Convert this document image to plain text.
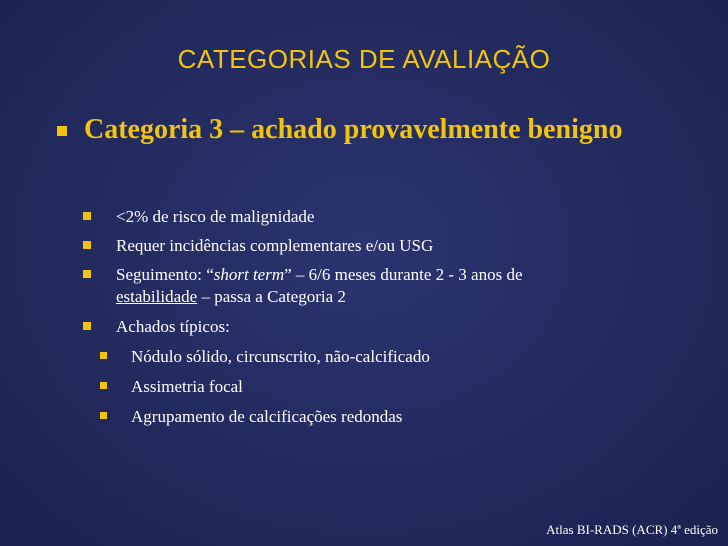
CATEGORIAS DE AVALIAÇÃO
Categoria 3 – achado provavelmente benigno
<2% de risco de malignidade
Requer incidências complementares e/ou USG
Seguimento: “short term” – 6/6 meses durante 2 - 3 anos de
estabilidade – passa a Categoria 2
Achados típicos:
Nódulo sólido, circunscrito, não-calcificado
Assimetria focal
Agrupamento de calcificações redondas
Atlas BI-RADS (ACR) 4ª edição
